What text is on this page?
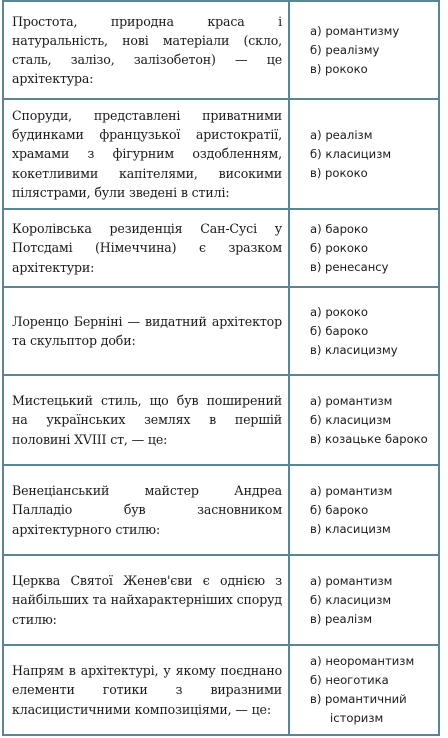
Простота, природна краса і натуральність, нові матеріали (скло, сталь, залізо, залізобетон) — це архітектура:
а) романтизму
б) реалізму
в) рококо
Споруди, представлені приватними будинками французької аристократії, храмами з фігурним оздобленням, кокетливими капітелями, високими пілястрами, були зведені в стилі:
а) реалізм
б) класицизм
в) рококо
Королівська резиденція Сан-Сусі у Потсдамі (Німеччина) є зразком архітектури:
а) бароко
б) рококо
в) ренесансу
Лоренцо Берніні — видатний архітектор та скульптор доби:
а) рококо
б) бароко
в) класицизму
Мистецький стиль, що був поширений на українських землях в першій половині XVIII ст, — це:
а) романтизм
б) класицизм
в) козацьке бароко
Венеціанський майстер Андреа Палладіо був засновником архітектурного стилю:
а) романтизм
б) бароко
в) класицизм
Церква Святої Женев'єви є однією з найбільших та найхарактерніших споруд стилю:
а) романтизм
б) класицизм
в) реалізм
Напрям в архітектурі, у якому поєднано елементи готики з виразними класицистичними композиціями, — це:
а) неоромантизм
б) неоготика
в) романтичний
історизм
